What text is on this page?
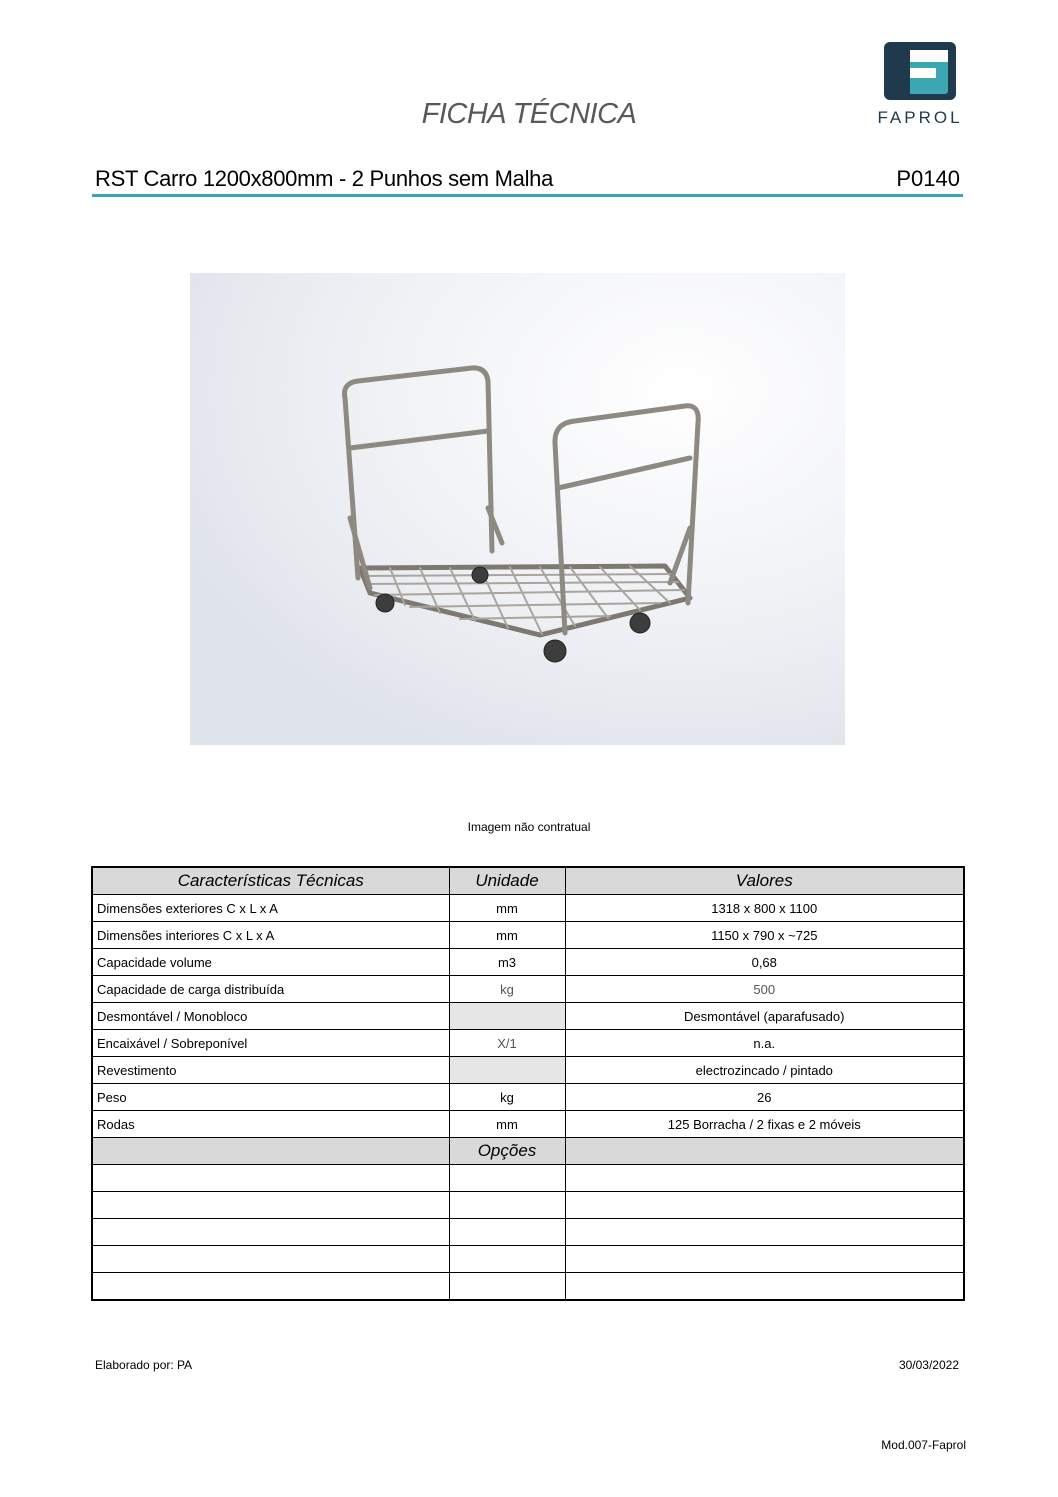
FICHA TÉCNICA	FAPROL
RST Carro 1200x800mm - 2 Punhos sem Malha	P0140
Imagem não contratual
Características Técnicas	Unidade	Valores
Dimensões exteriores C x L x A	mm	1318 x 800 x 1100
Dimensões interiores C x L x A	mm	1150 x 790 x ~725
Capacidade volume	m3	0,68
Capacidade de carga distribuída	kg	500
Desmontável / Monobloco		Desmontável (aparafusado)
Encaixável / Sobreponível	X/1	n.a.
Revestimento		electrozincado / pintado
Peso	kg	26
Rodas	mm	125 Borracha / 2 fixas e 2 móveis
	Opções	

Elaborado por: PA	30/03/2022
Mod.007-Faprol
